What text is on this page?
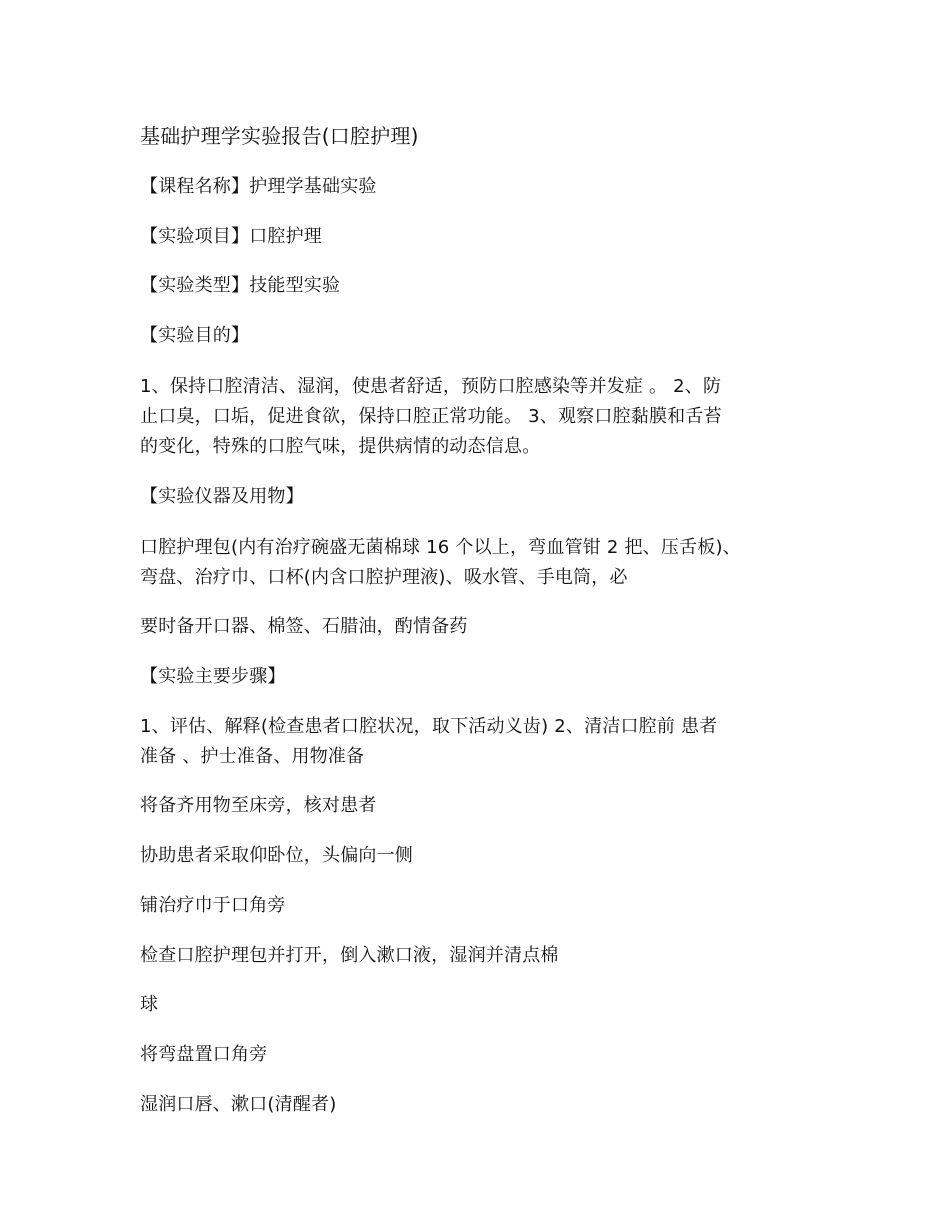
基础护理学实验报告(口腔护理)
【课程名称】护理学基础实验
【实验项目】口腔护理
【实验类型】技能型实验
【实验目的】
1、保持口腔清洁、湿润，使患者舒适，预防口腔感染等并发症 。 2、防
止口臭，口垢，促进食欲，保持口腔正常功能。 3、观察口腔黏膜和舌苔
的变化，特殊的口腔气味，提供病情的动态信息。
【实验仪器及用物】
口腔护理包(内有治疗碗盛无菌棉球 16 个以上，弯血管钳 2 把、压舌板)、
弯盘、治疗巾、口杯(内含口腔护理液)、吸水管、手电筒，必
要时备开口器、棉签、石腊油，酌情备药
【实验主要步骤】
1、评估、解释(检查患者口腔状况，取下活动义齿) 2、清洁口腔前 患者
准备 、护士准备、用物准备
将备齐用物至床旁，核对患者
协助患者采取仰卧位，头偏向一侧
铺治疗巾于口角旁
检查口腔护理包并打开，倒入漱口液，湿润并清点棉
球
将弯盘置口角旁
湿润口唇、漱口(清醒者)
